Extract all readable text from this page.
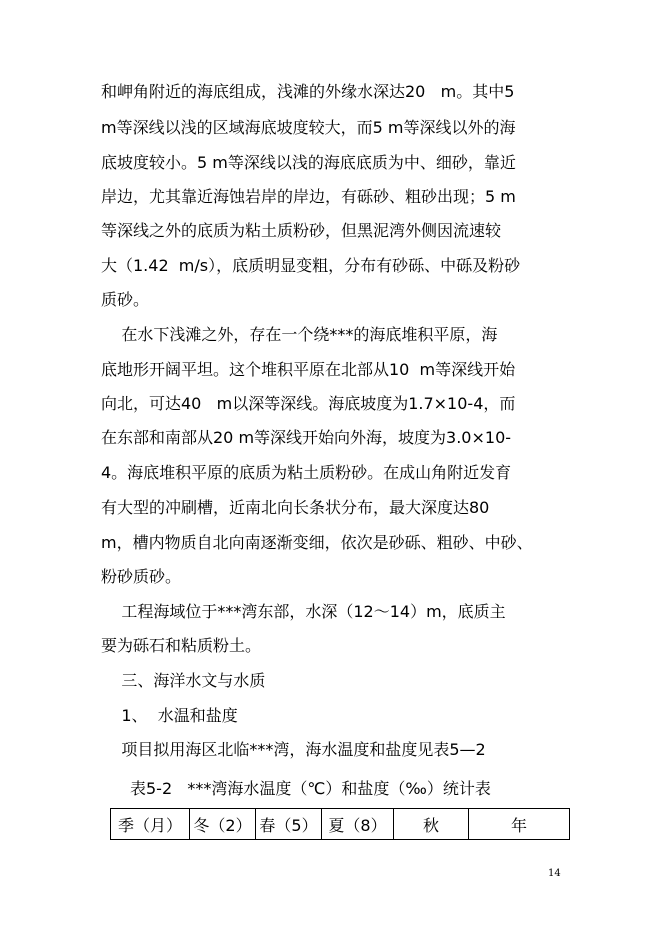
和岬角附近的海底组成，浅滩的外缘水深达20   m。其中5
m等深线以浅的区域海底坡度较大，而5 m等深线以外的海
底坡度较小。5 m等深线以浅的海底底质为中、细砂，靠近
岸边，尤其靠近海蚀岩岸的岸边，有砾砂、粗砂出现；5 m
等深线之外的底质为粘土质粉砂，但黑泥湾外侧因流速较
大（1.42  m/s），底质明显变粗，分布有砂砾、中砾及粉砂
质砂。
在水下浅滩之外，存在一个绕***的海底堆积平原，海
底地形开阔平坦。这个堆积平原在北部从10  m等深线开始
向北，可达40   m以深等深线。海底坡度为1.7×10-4，而
在东部和南部从20 m等深线开始向外海，坡度为3.0×10-
4。海底堆积平原的底质为粘土质粉砂。在成山角附近发育
有大型的冲刷槽，近南北向长条状分布，最大深度达80
m，槽内物质自北向南逐渐变细，依次是砂砾、粗砂、中砂、
粉砂质砂。
工程海域位于***湾东部，水深（12～14）m，底质主
要为砾石和粘质粉土。
三、海洋水文与水质
1、  水温和盐度
项目拟用海区北临***湾，海水温度和盐度见表5—2
表5-2   ***湾海水温度（℃）和盐度（‰）统计表
季（月）	冬（2）	春（5）	夏（8）	秋	年
14
